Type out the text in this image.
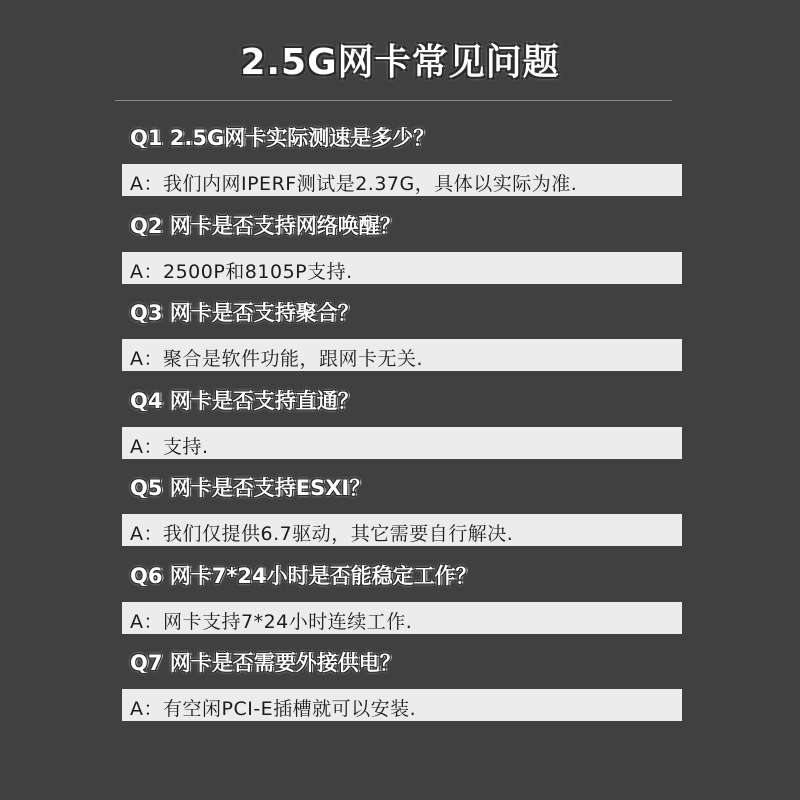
2.5G网卡常见问题
Q1 2.5G网卡实际测速是多少？
A：我们内网IPERF测试是2.37G，具体以实际为准.
Q2 网卡是否支持网络唤醒？
A：2500P和8105P支持.
Q3 网卡是否支持聚合？
A：聚合是软件功能，跟网卡无关.
Q4 网卡是否支持直通？
A：支持.
Q5 网卡是否支持ESXI？
A：我们仅提供6.7驱动，其它需要自行解决.
Q6 网卡7*24小时是否能稳定工作？
A：网卡支持7*24小时连续工作.
Q7 网卡是否需要外接供电？
A：有空闲PCI-E插槽就可以安装.
